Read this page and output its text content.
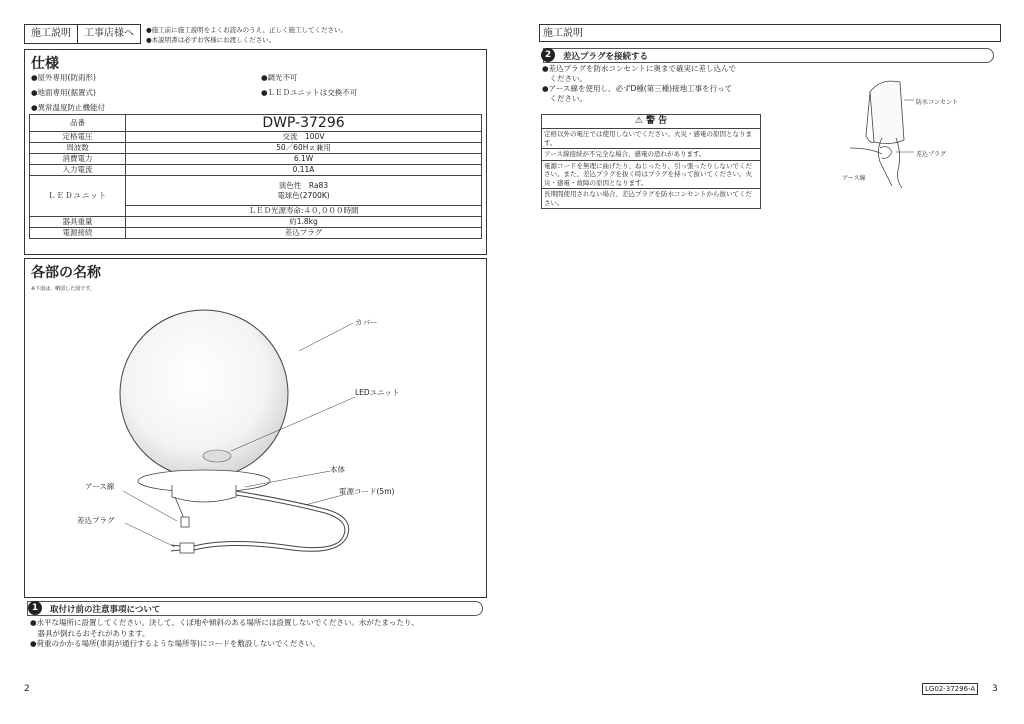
施工説明	工事店様へ	●施工前に施工説明をよくお読みのうえ、正しく施工してください。
●本説明書は必ずお客様にお渡しください。
仕様
●屋外専用(防雨形)
●地面専用(据置式)
●異常温度防止機能付
●調光不可
●ＬＥＤユニットは交換不可
品番	DWP-37296
定格電圧	交流　100V
周波数	50／60Hｚ兼用
消費電力	6.1W
入力電流	0.11A
ＬＥＤユニット	演色性　Ra83
電球色(2700K)

	ＬＥＤ光源寿命:４０,０００時間
器具重量	約1.8kg
電源接続	差込プラグ
各部の名称
※下図は、略図した図です。
カバー
LEDユニット
本体
電源コード(5m)
アース線
差込プラグ
1	取付け前の注意事項について
●水平な場所に設置してください。決して、くぼ地や傾斜のある場所には設置しないでください。水がたまったり、
　器具が倒れるおそれがあります。
●荷重のかかる場所(車両が通行するような場所等)にコードを敷設しないでください。
2
施工説明
2	差込プラグを接続する
●差込プラグを防水コンセントに奥まで確実に差し込んで
　ください。
●アース線を使用し、必ずD種(第三種)接地工事を行って
　ください。
⚠ 警 告
定格以外の電圧では使用しないでください。火災・感電の原因となります。
アース線接続が不完全な場合、感電の恐れがあります。
電源コードを無理に曲げたり、ねじったり、引っ張ったりしないでください。また、差込プラグを抜く時はプラグを持って抜いてください。火災・感電・故障の原因となります。
長期間使用されない場合、差込プラグを防水コンセントから抜いてください。
防水コンセント
差込プラグ
アース線
LG02-37296-A	3
